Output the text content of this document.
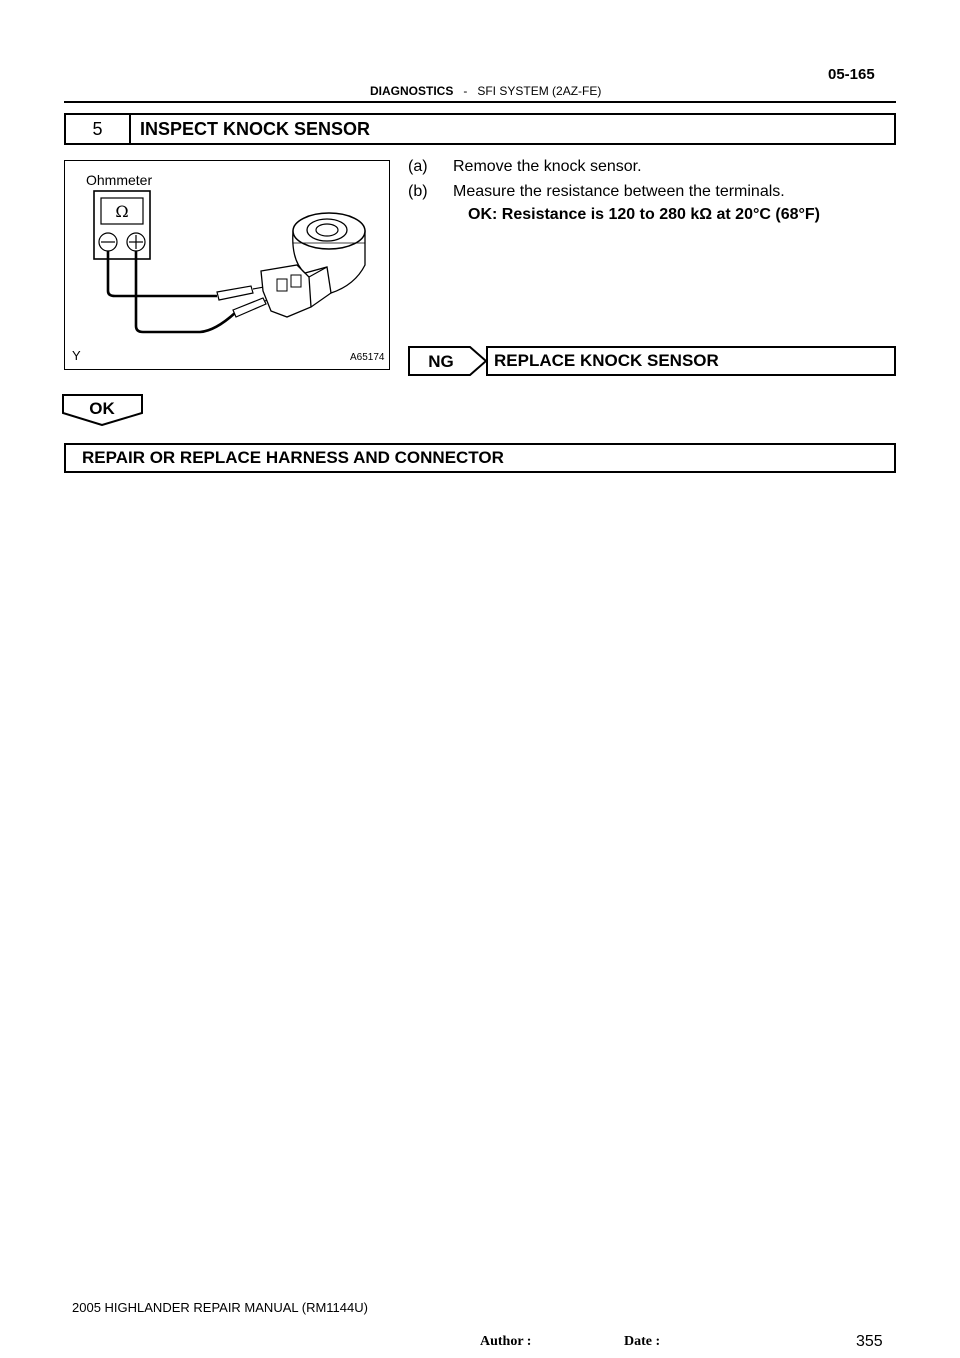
05-165
DIAGNOSTICS - SFI SYSTEM (2AZ-FE)
5	INSPECT KNOCK SENSOR
Ω
Ohmmeter
Y	A65174
(a) Remove the knock sensor.
(b) Measure the resistance between the terminals.
OK: Resistance is 120 to 280 kΩ at 20°C (68°F)
NG REPLACE KNOCK SENSOR
OK
REPAIR OR REPLACE HARNESS AND CONNECTOR
2005 HIGHLANDER REPAIR MANUAL (RM1144U)
Author :	Date :	355
